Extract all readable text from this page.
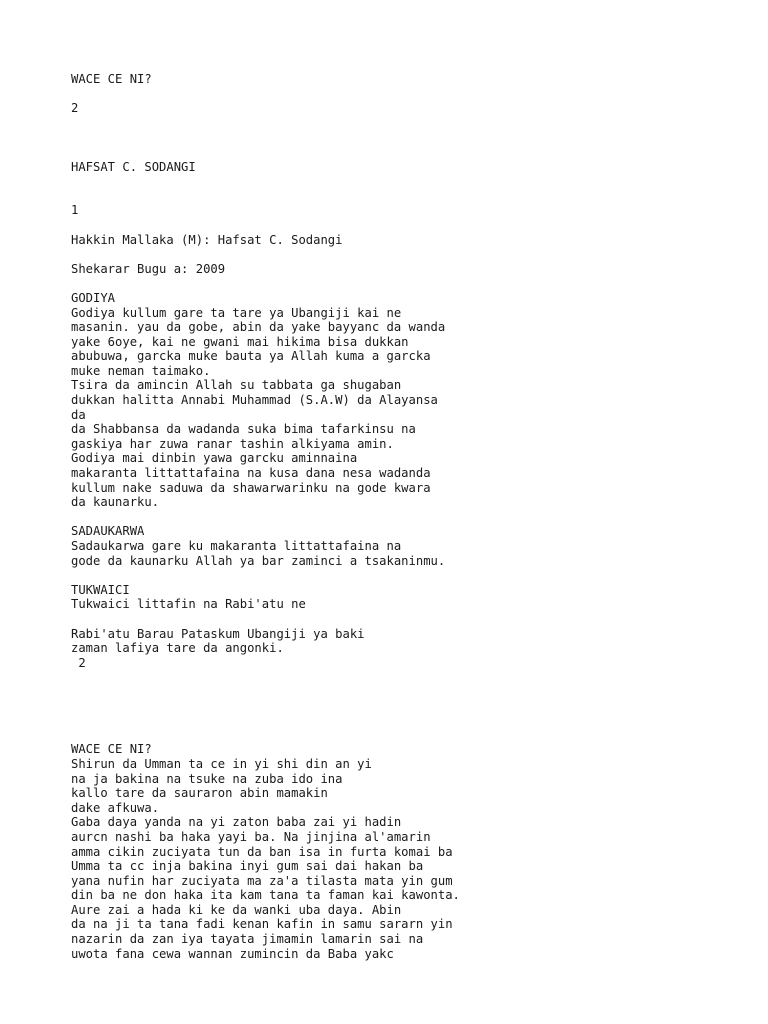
WACE CE NI?
2
HAFSAT C. SODANGI
1
Hakkin Mallaka (M): Hafsat C. Sodangi
Shekarar Bugu a: 2009
GODIYA
Godiya kullum gare ta tare ya Ubangiji kai ne
masanin. yau da gobe, abin da yake bayyanc da wanda
yake 6oye, kai ne gwani mai hikima bisa dukkan
abubuwa, garcka muke bauta ya Allah kuma a garcka
muke neman taimako.
Tsira da amincin Allah su tabbata ga shugaban
dukkan halitta Annabi Muhammad (S.A.W) da Alayansa
da
da Shabbansa da wadanda suka bima tafarkinsu na
gaskiya har zuwa ranar tashin alkiyama amin.
Godiya mai dinbin yawa garcku aminnaina
makaranta littattafaina na kusa dana nesa wadanda
kullum nake saduwa da shawarwarinku na gode kwara
da kaunarku.
SADAUKARWA
Sadaukarwa gare ku makaranta littattafaina na
gode da kaunarku Allah ya bar zaminci a tsakaninmu.
TUKWAICI
Tukwaici littafin na Rabi'atu ne
Rabi'atu Barau Pataskum Ubangiji ya baki
zaman lafiya tare da angonki.
2
WACE CE NI?
Shirun da Umman ta ce in yi shi din an yi
na ja bakina na tsuke na zuba ido ina
kallo tare da sauraron abin mamakin
dake afkuwa.
Gaba daya yanda na yi zaton baba zai yi hadin
aurcn nashi ba haka yayi ba. Na jinjina al'amarin
amma cikin zuciyata tun da ban isa in furta komai ba
Umma ta cc inja bakina inyi gum sai dai hakan ba
yana nufin har zuciyata ma za'a tilasta mata yin gum
din ba ne don haka ita kam tana ta faman kai kawonta.
Aure zai a hada ki ke da wanki uba daya. Abin
da na ji ta tana fadi kenan kafin in samu sararn yin
nazarin da zan iya tayata jimamin lamarin sai na
uwota fana cewa wannan zumincin da Baba yakc
